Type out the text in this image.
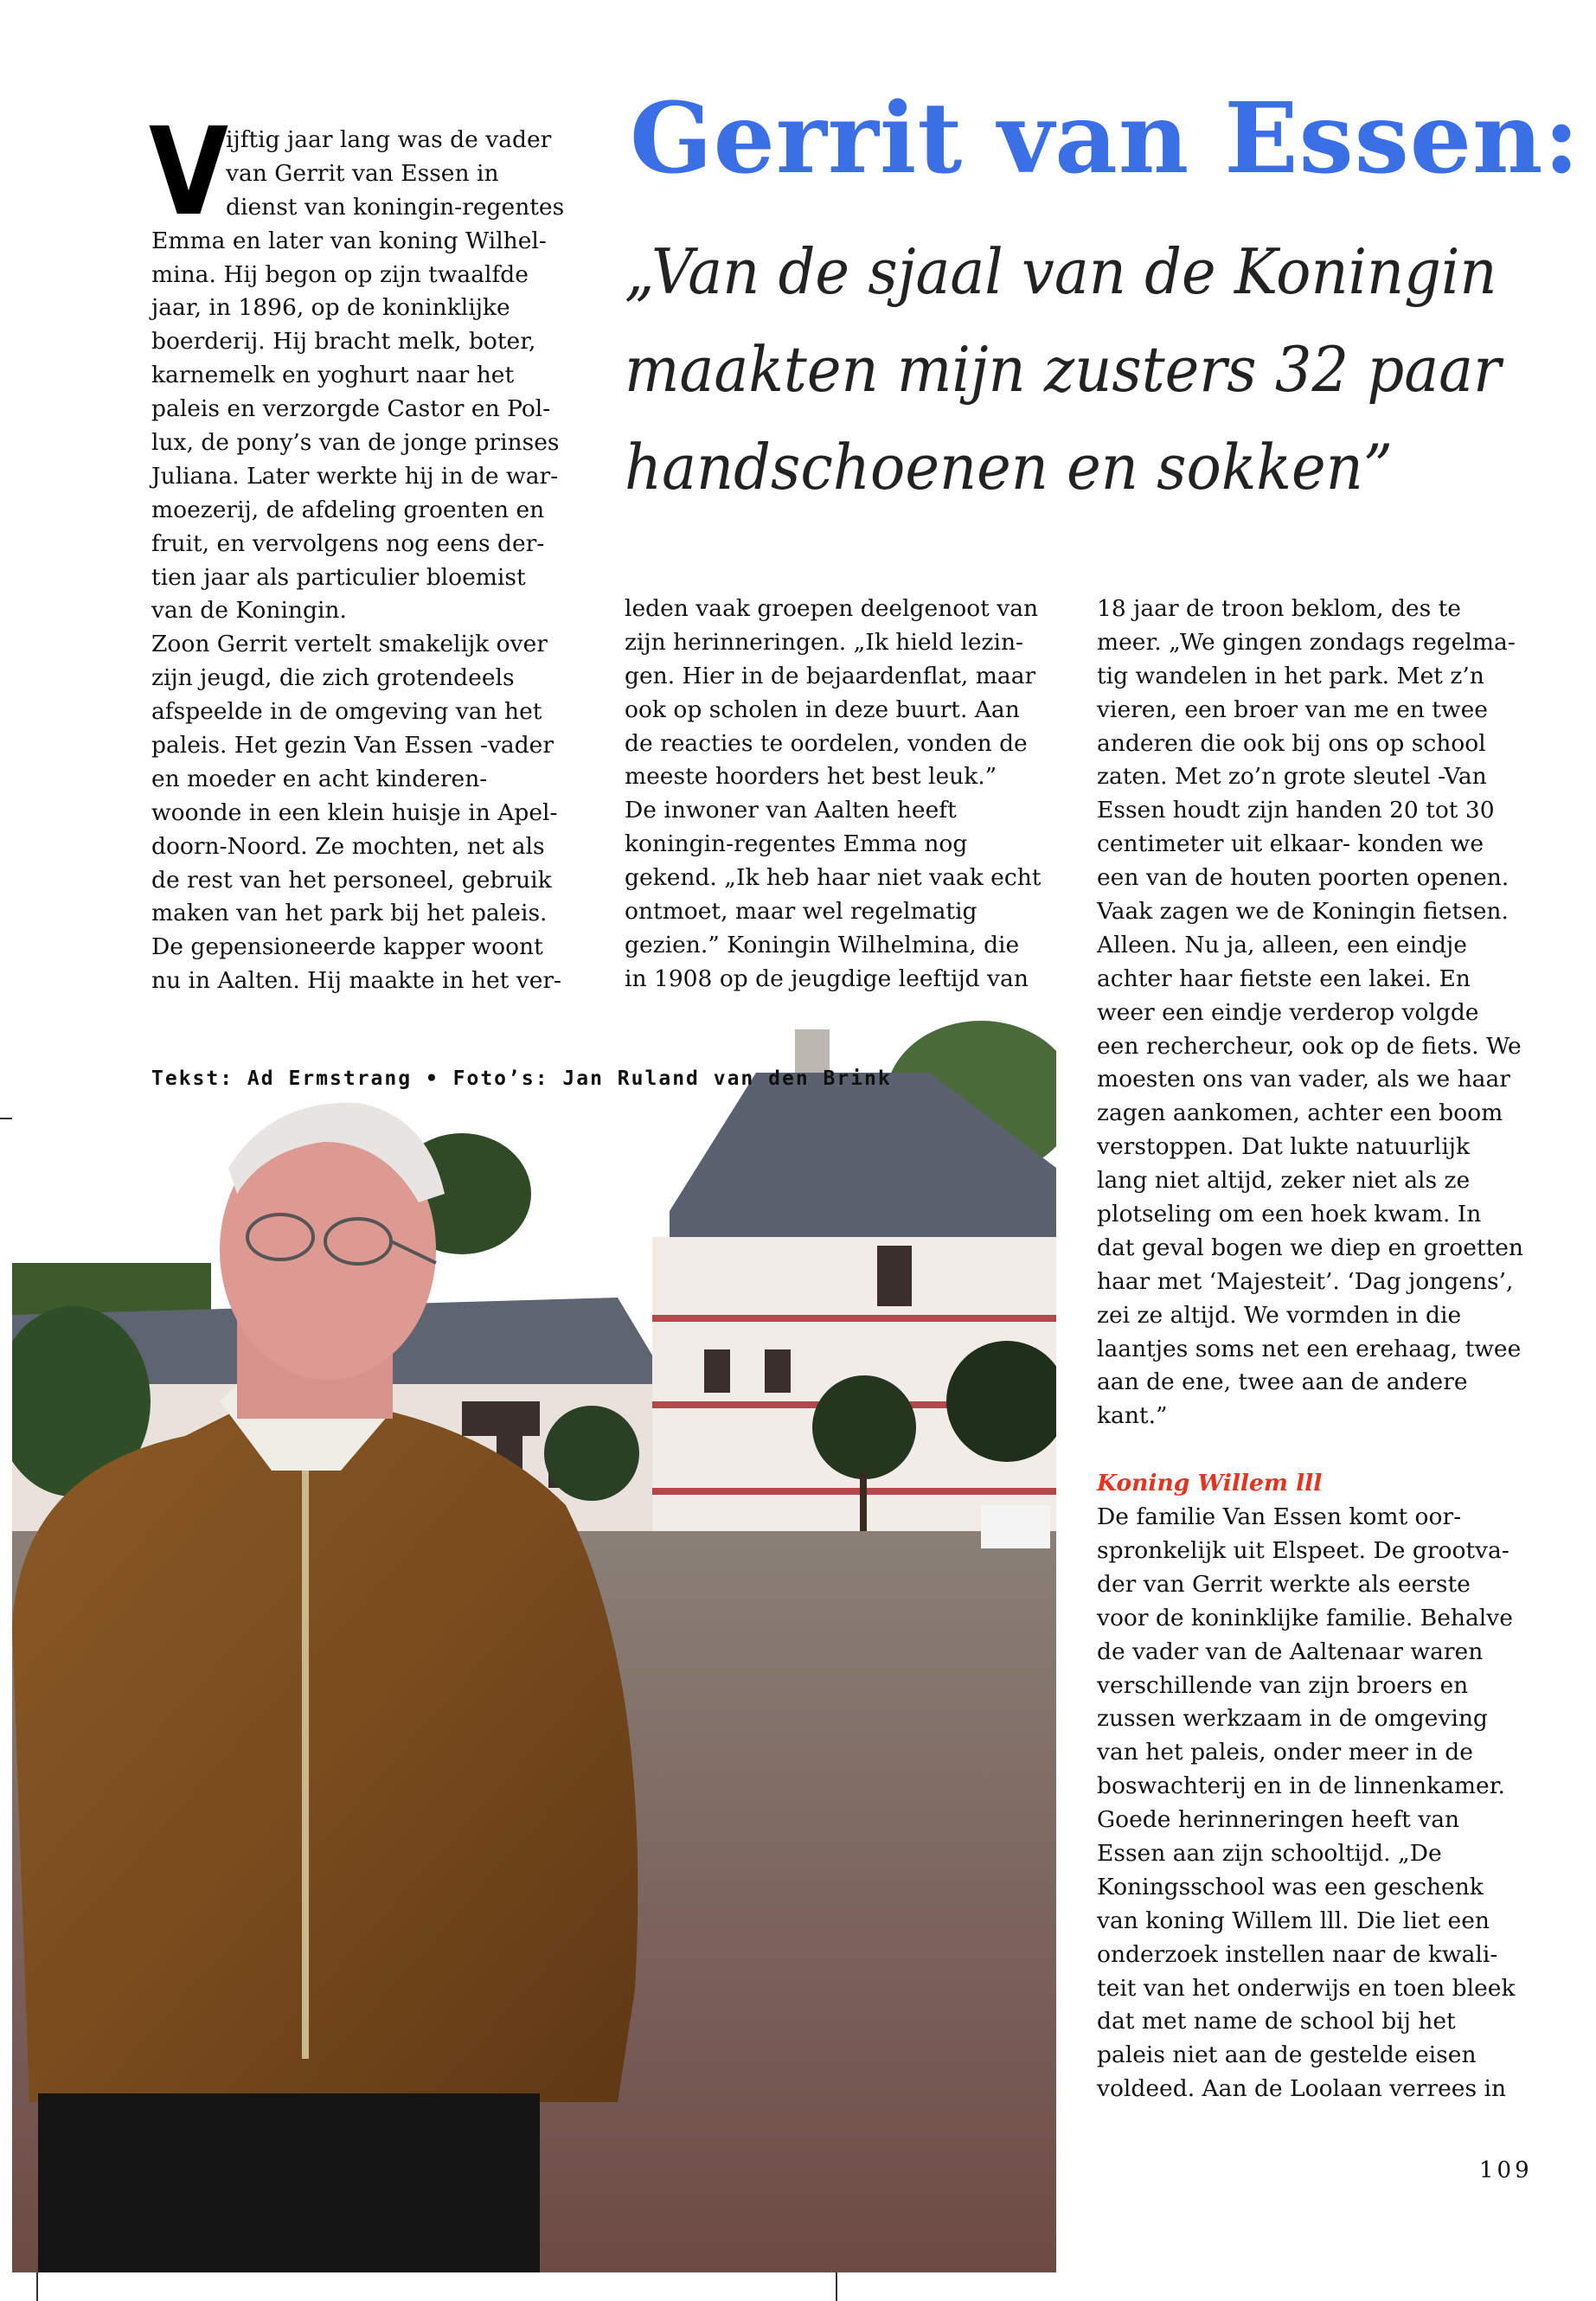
V	Gerrit van Essen:
„Van de sjaal van de Koningin
maakten mijn zusters 32 paar
handschoenen en sokken”
ijftig jaar lang was de vader
van Gerrit van Essen in
dienst van koningin-regentes
Emma en later van koning Wilhel-
mina. Hij begon op zijn twaalfde
jaar, in 1896, op de koninklijke
boerderij. Hij bracht melk, boter,
karnemelk en yoghurt naar het
paleis en verzorgde Castor en Pol-
lux, de pony’s van de jonge prinses
Juliana. Later werkte hij in de war-
moezerij, de afdeling groenten en
fruit, en vervolgens nog eens der-
tien jaar als particulier bloemist
van de Koningin.
Zoon Gerrit vertelt smakelijk over
zijn jeugd, die zich grotendeels
afspeelde in de omgeving van het
paleis. Het gezin Van Essen -vader
en moeder en acht kinderen-
woonde in een klein huisje in Apel-
doorn-Noord. Ze mochten, net als
de rest van het personeel, gebruik
maken van het park bij het paleis.
De gepensioneerde kapper woont
nu in Aalten. Hij maakte in het ver-
leden vaak groepen deelgenoot van
zijn herinneringen. „Ik hield lezin-
gen. Hier in de bejaardenflat, maar
ook op scholen in deze buurt. Aan
de reacties te oordelen, vonden de
meeste hoorders het best leuk.”
De inwoner van Aalten heeft
koningin-regentes Emma nog
gekend. „Ik heb haar niet vaak echt
ontmoet, maar wel regelmatig
gezien.” Koningin Wilhelmina, die
in 1908 op de jeugdige leeftijd van
18 jaar de troon beklom, des te
meer. „We gingen zondags regelma-
tig wandelen in het park. Met z’n
vieren, een broer van me en twee
anderen die ook bij ons op school
zaten. Met zo’n grote sleutel -Van
Essen houdt zijn handen 20 tot 30
centimeter uit elkaar- konden we
een van de houten poorten openen.
Vaak zagen we de Koningin fietsen.
Alleen. Nu ja, alleen, een eindje
achter haar fietste een lakei. En
weer een eindje verderop volgde
een rechercheur, ook op de fiets. We
moesten ons van vader, als we haar
zagen aankomen, achter een boom
verstoppen. Dat lukte natuurlijk
lang niet altijd, zeker niet als ze
plotseling om een hoek kwam. In
dat geval bogen we diep en groetten
haar met ‘Majesteit’. ‘Dag jongens’,
zei ze altijd. We vormden in die
laantjes soms net een erehaag, twee
aan de ene, twee aan de andere
kant.”
Koning Willem lll
De familie Van Essen komt oor-
spronkelijk uit Elspeet. De grootva-
der van Gerrit werkte als eerste
voor de koninklijke familie. Behalve
de vader van de Aaltenaar waren
verschillende van zijn broers en
zussen werkzaam in de omgeving
van het paleis, onder meer in de
boswachterij en in de linnenkamer.
Goede herinneringen heeft van
Essen aan zijn schooltijd. „De
Koningsschool was een geschenk
van koning Willem lll. Die liet een
onderzoek instellen naar de kwali-
teit van het onderwijs en toen bleek
dat met name de school bij het
paleis niet aan de gestelde eisen
voldeed. Aan de Loolaan verrees in
Tekst: Ad Ermstrang • Foto’s: Jan Ruland van den Brink
109
